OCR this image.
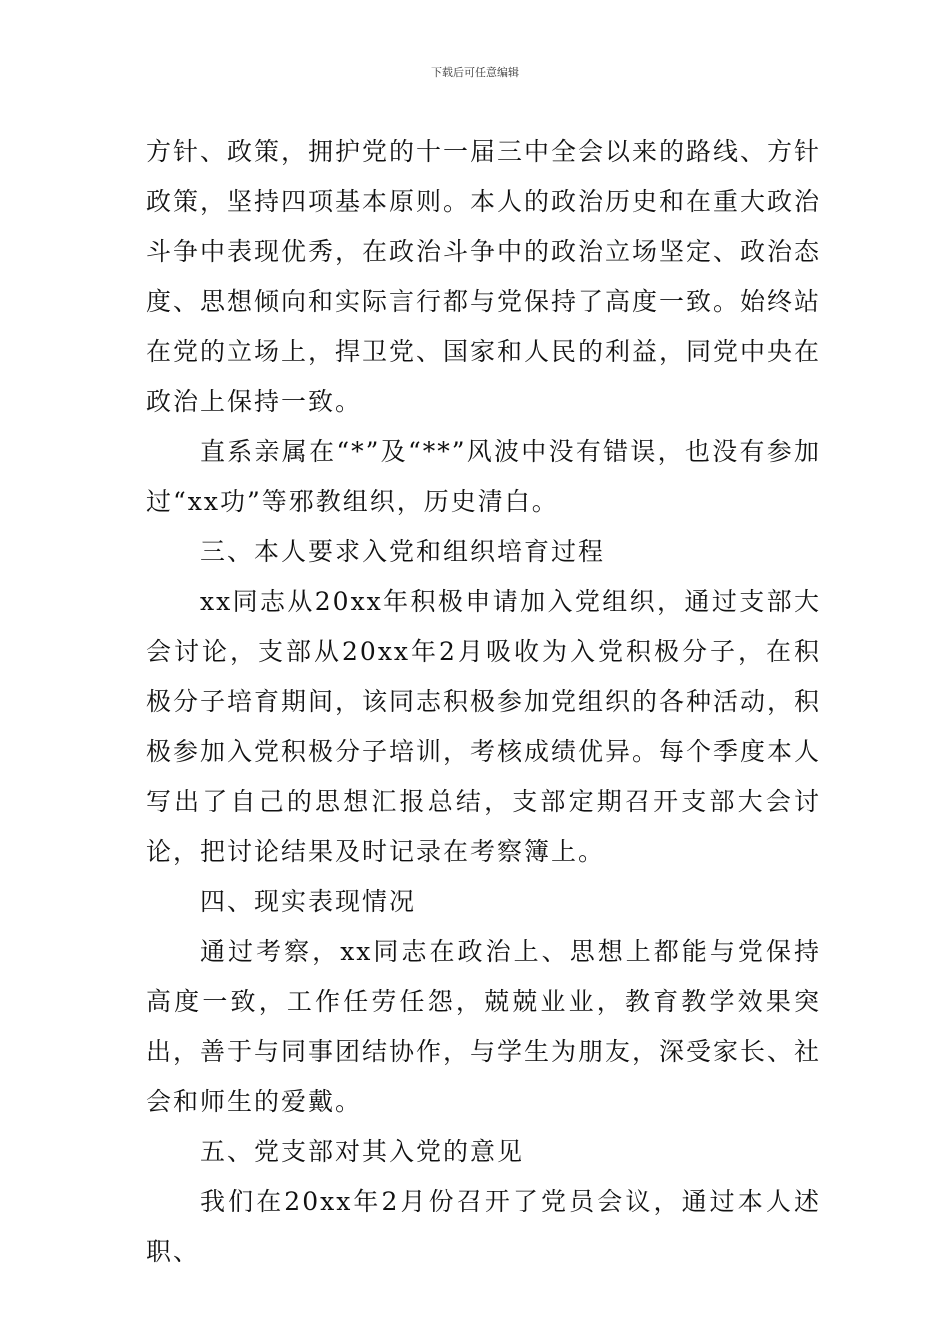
下载后可任意编辑

方针、政策，拥护党的十一届三中全会以来的路线、方针政策，坚持四项基本原则。本人的政治历史和在重大政治斗争中表现优秀，在政治斗争中的政治立场坚定、政治态度、思想倾向和实际言行都与党保持了高度一致。始终站在党的立场上，捍卫党、国家和人民的利益，同党中央在政治上保持一致。

直系亲属在“*”及“**”风波中没有错误，也没有参加过“xx功”等邪教组织，历史清白。

三、本人要求入党和组织培育过程

xx同志从20xx年积极申请加入党组织，通过支部大会讨论，支部从20xx年2月吸收为入党积极分子，在积极分子培育期间，该同志积极参加党组织的各种活动，积极参加入党积极分子培训，考核成绩优异。每个季度本人写出了自己的思想汇报总结，支部定期召开支部大会讨论，把讨论结果及时记录在考察簿上。

四、现实表现情况

通过考察，xx同志在政治上、思想上都能与党保持高度一致，工作任劳任怨，兢兢业业，教育教学效果突出，善于与同事团结协作，与学生为朋友，深受家长、社会和师生的爱戴。

五、党支部对其入党的意见

我们在20xx年2月份召开了党员会议，通过本人述职、
